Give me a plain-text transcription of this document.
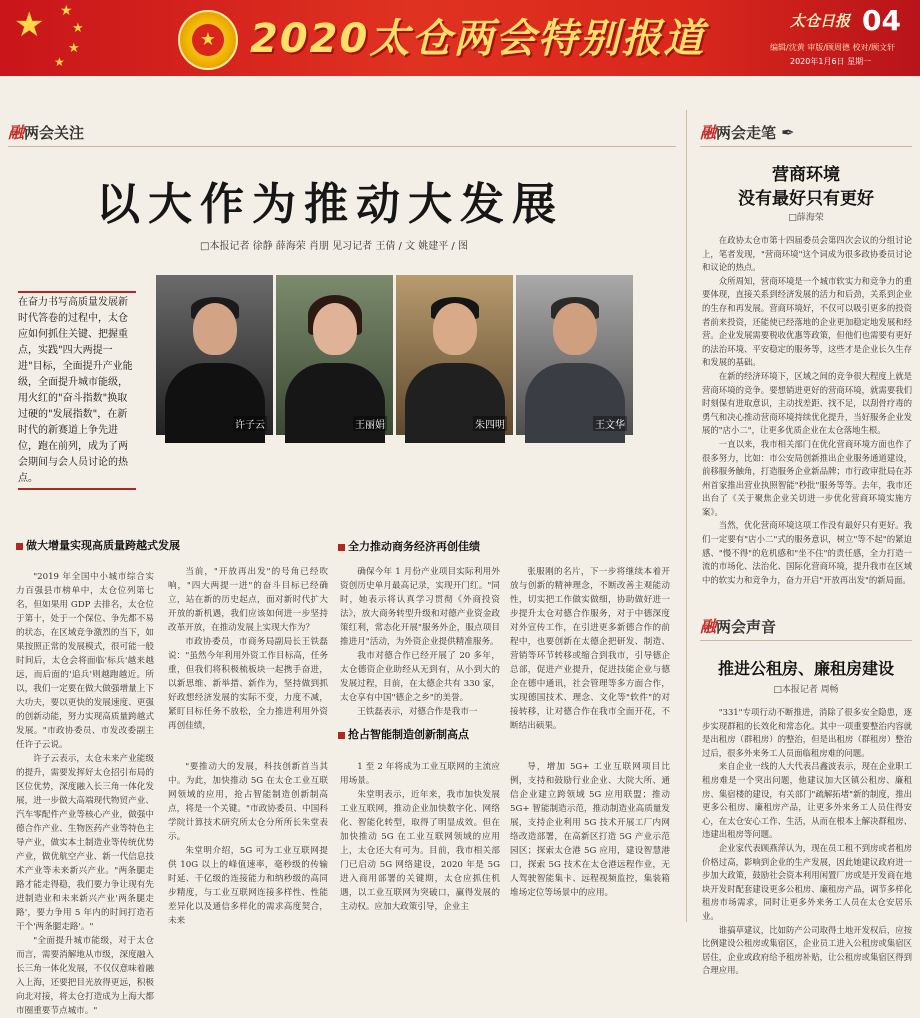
★ ★
★
★
★
★ 2020太仓两会特别报道	太仓日报 04
编辑/沈黄 审版/顾周德 校对/顾文轩
2020年1月6日 星期一
融两会关注
以大作为推动大发展
□本报记者 徐静 薛海荣 肖朋 见习记者 王倩 / 文 姚建平 / 图
在奋力书写高质量发展新时代答卷的过程中，太仓应如何抓住关键、把握重点，实践"四大两提一进"目标，全面提升产业能级，全面提升城市能级，用火红的"奋斗指数"换取过硬的"发展指数"，在新时代的新赛道上争先进位，跑在前列，成为了两会期间与会人员讨论的热点。
许子云	王丽娟	朱四明	王文华
做大增量实现高质量跨越式发展

"2019 年全国中小城市综合实力百强县市榜单中，太仓位列第七名，但如果用 GDP 去排名，太仓位于第十，处于一个保位、争先都不易的状态，在区域竞争激烈的当下，如果按照正常的发展模式，很可能一般时间后，太仓会将面临'标兵'越来越远，而后面的'追兵'则越跑越近。所以，我们一定要在做大做强增量上下大功夫，要以更快的发展速度、更强的创新动能，努力实现高质量跨越式发展。"市政协委员、市发改委副主任许子云说。

许子云表示，太仓未来产业能级的提升，需要发挥好太仓招引布局的区位优势，深度融入长三角一体化发展，进一步做大高端现代物贸产业、汽车零配件产业等核心产业，做强中德合作产业、生物医药产业等特色主导产业，做实本土制造业等传统优势产业，做优航空产业、新一代信息技术产业等未来新兴产业。"两条腿走路才能走得稳，我们要力争让现有先进制造业和未来新兴产业'两条腿走路'，要力争用 5 年内的时间打造若干个'两条腿走路'。"

"全面提升城市能级，对于太仓而言，需要消解地从市级，深度融入长三角一体化发展，不仅仅意味着融入上海，还要把目光放得更远，积极向北对接，将太仓打造成为上海大都市圈重要节点城市。"

全力推动商务经济再创佳绩

当前，"开放再出发"的号角已经吹响，"四大两提一进"的奋斗目标已经确立，站在新的历史起点，面对新时代扩大开放的新机遇，我们应该如何进一步坚持改革开放，在推动发展上实现大作为？

市政协委员，市商务局副局长王铁磊说："虽然今年利用外资工作目标高，任务重，但我们将积极梳板块一起携手奋进，以新思维、新举措、新作为，坚持做到抓好政想经济发展的实际不变，力度不减，紧盯目标任务不放松，全力推进利用外资再创佳绩，

确保今年 1 月份产业项目实际利用外资创历史单月最高记录，实现开门红。"同时，她表示将认真学习贯彻《外商投资法》，放大商务转型升级和对德产业资金政策红利，常态化开展"服务外企，服点项目推进月"活动，为外资企业提供精准服务。

我市对德合作已经开展了 20 多年，太仓德资企业助经从无到有，从小到大的发展过程，目前，在太德企共有 330 家，太仓享有中国"德企之乡"的美誉。

王铁磊表示，对德合作是我市一

张服刚的名片，下一步将继续本着开放与创新的精神理念，不断改善主观能动性，切实把工作做实做细，协助做好进一步提升太仓对德合作服务，对于中德深度对外宣传工作，在引进更多新德合作的前程中，也要创新在太德企把研发、制造、营销等环节转移或缩合到我市，引导德企总部，促进产业提升，促进技能企业与德企在德中通讯，社会管理等多方面合作，实现德国技术、理念、文化等"软件"的对接转移，让对德合作在我市全面开花，不断结出硕果。

抢占智能制造创新制高点

"要推动大的发展，科技创新首当其中。为此，加快推动 5G 在太仓工业互联网领域的应用，抢占智能制造创新制高点，将是一个关键。"市政协委员、中国科学院计算技术研究所太仓分所所长朱堂表示。

朱堂明介绍，5G 可为工业互联网提供 10G 以上的峰值速率，毫秒级的传输时延、千亿级的连接能力和纳秒级的高同步精度，与工业互联网连接多样性、性能差异化以及通信多样化的需求高度契合，未来

1 至 2 年将成为工业互联网的主流应用场景。

朱堂明表示，近年来，我市加快发展工业互联网，推动企业加快数字化、网络化、智能化转型，取得了明显成效。但在加快推动 5G 在工业互联网领域的应用上，太仓还大有可为。目前，我市相关部门已启动 5G 网络建设，2020 年是 5G 进入商用部署的关键期，太仓应抓住机遇，以工业互联网为突破口，赢得发展的主动权。应加大政策引导，企业主

导，增加 5G+ 工业互联网项目比例，支持和鼓励行业企业、大院大所、通信企业建立跨领域 5G 应用联盟；推动 5G+ 智能制造示范，推动制造业高质量发展，支持企业利用 5G 技术开展工厂内网络改造部署，在高新区打造 5G 产业示范园区；探索太仓港 5G 应用，建设智慧港口，探索 5G 技术在太仓港远程作业，无人驾驶智能集卡、远程视频监控，集装箱堆场定位等场景中的应用。

融两会走笔 ✒
营商环境
没有最好只有更好
□薛海荣

在政协太仓市第十四届委员会第四次会议的分组讨论上，笔者发现，"营商环境"这个词成为很多政协委员讨论和议论的热点。

众所周知，营商环境是一个城市软实力和竞争力的重要体现，直接关系到经济发展的活力和后劲，关系到企业的生存和再发展。营商环境好，不仅可以吸引更多的投资者前来投资，还能使已经落地的企业更加稳定地发展和经营。企业发展需要税收优惠等政策，但他们也需要有更好的法治环境、平安稳定的服务等，这些才是企业长久生存和发展的基础。

在新的经济环境下，区域之间的竞争很大程度上就是营商环境的竞争。要想销进更好的营商环境，就需要我们时刻保有进取意识，主动找差距、找不足，以刮骨疗毒的勇气和决心推动营商环境持续优化提升，当好服务企业发展的"店小二"，让更多优质企业在太仓落地生根。

一直以来，我市相关部门在优化营商环境方面也作了很多努力，比如：市公安局创新推出企业服务通道建设，前移服务触角，打造服务企业新品牌；市行政审批局在苏州首家推出营业执照智能"秒批"服务等等。去年，我市还出台了《关于聚焦企业关切进一步优化营商环境实施方案》。

当然，优化营商环境这项工作没有最好只有更好。我们一定要有"店小二"式的服务意识，树立"等不起"的紧迫感、"慢不得"的危机感和"坐不住"的责任感，全力打造一流的市场化、法治化、国际化营商环境，提升我市在区域中的软实力和竞争力，奋力开启"开放再出发"的新局面。

融两会声音
推进公租房、廉租房建设
□本报记者 周畅

"331"专项行动不断推进，消除了很多安全隐患，逐步实现群租的长效化和常态化。其中一项重要整治内容就是出租房（群租房）的整治，但是出租房（群租房）整治过后，很多外来务工人员面临租房难的问题。

来自企业一线的人大代表吕鑫波表示，现在企业职工租房难是一个突出问题，他建议加大区镇公租房、廉租房、集宿楼的建设，有关部门"疏解拓堵"新的制度，推出更多公租房、廉租房产品，让更多外来务工人员住得安心，在太仓安心工作、生活，从而在根本上解决群租房、违建出租房等问题。

企业家代表顾燕萍认为，现在员工租不到房或者租房价格过高，影响到企业的生产发展，因此她建议政府进一步加大政策，鼓励社会资本利用闲置厂房或是开发商在地块开发时配套建设更多公租房、廉租房产品，调节多样化租房市场需求，同时让更多外来务工人员在太仓安居乐业。

谁搞草建议，比如防产公司取得土地开发权后，应按比例建设公租房或集宿区，企业员工进入公租房或集宿区居住，企业或政府给予租房补贴，让公租房或集宿区得到合理应用。
